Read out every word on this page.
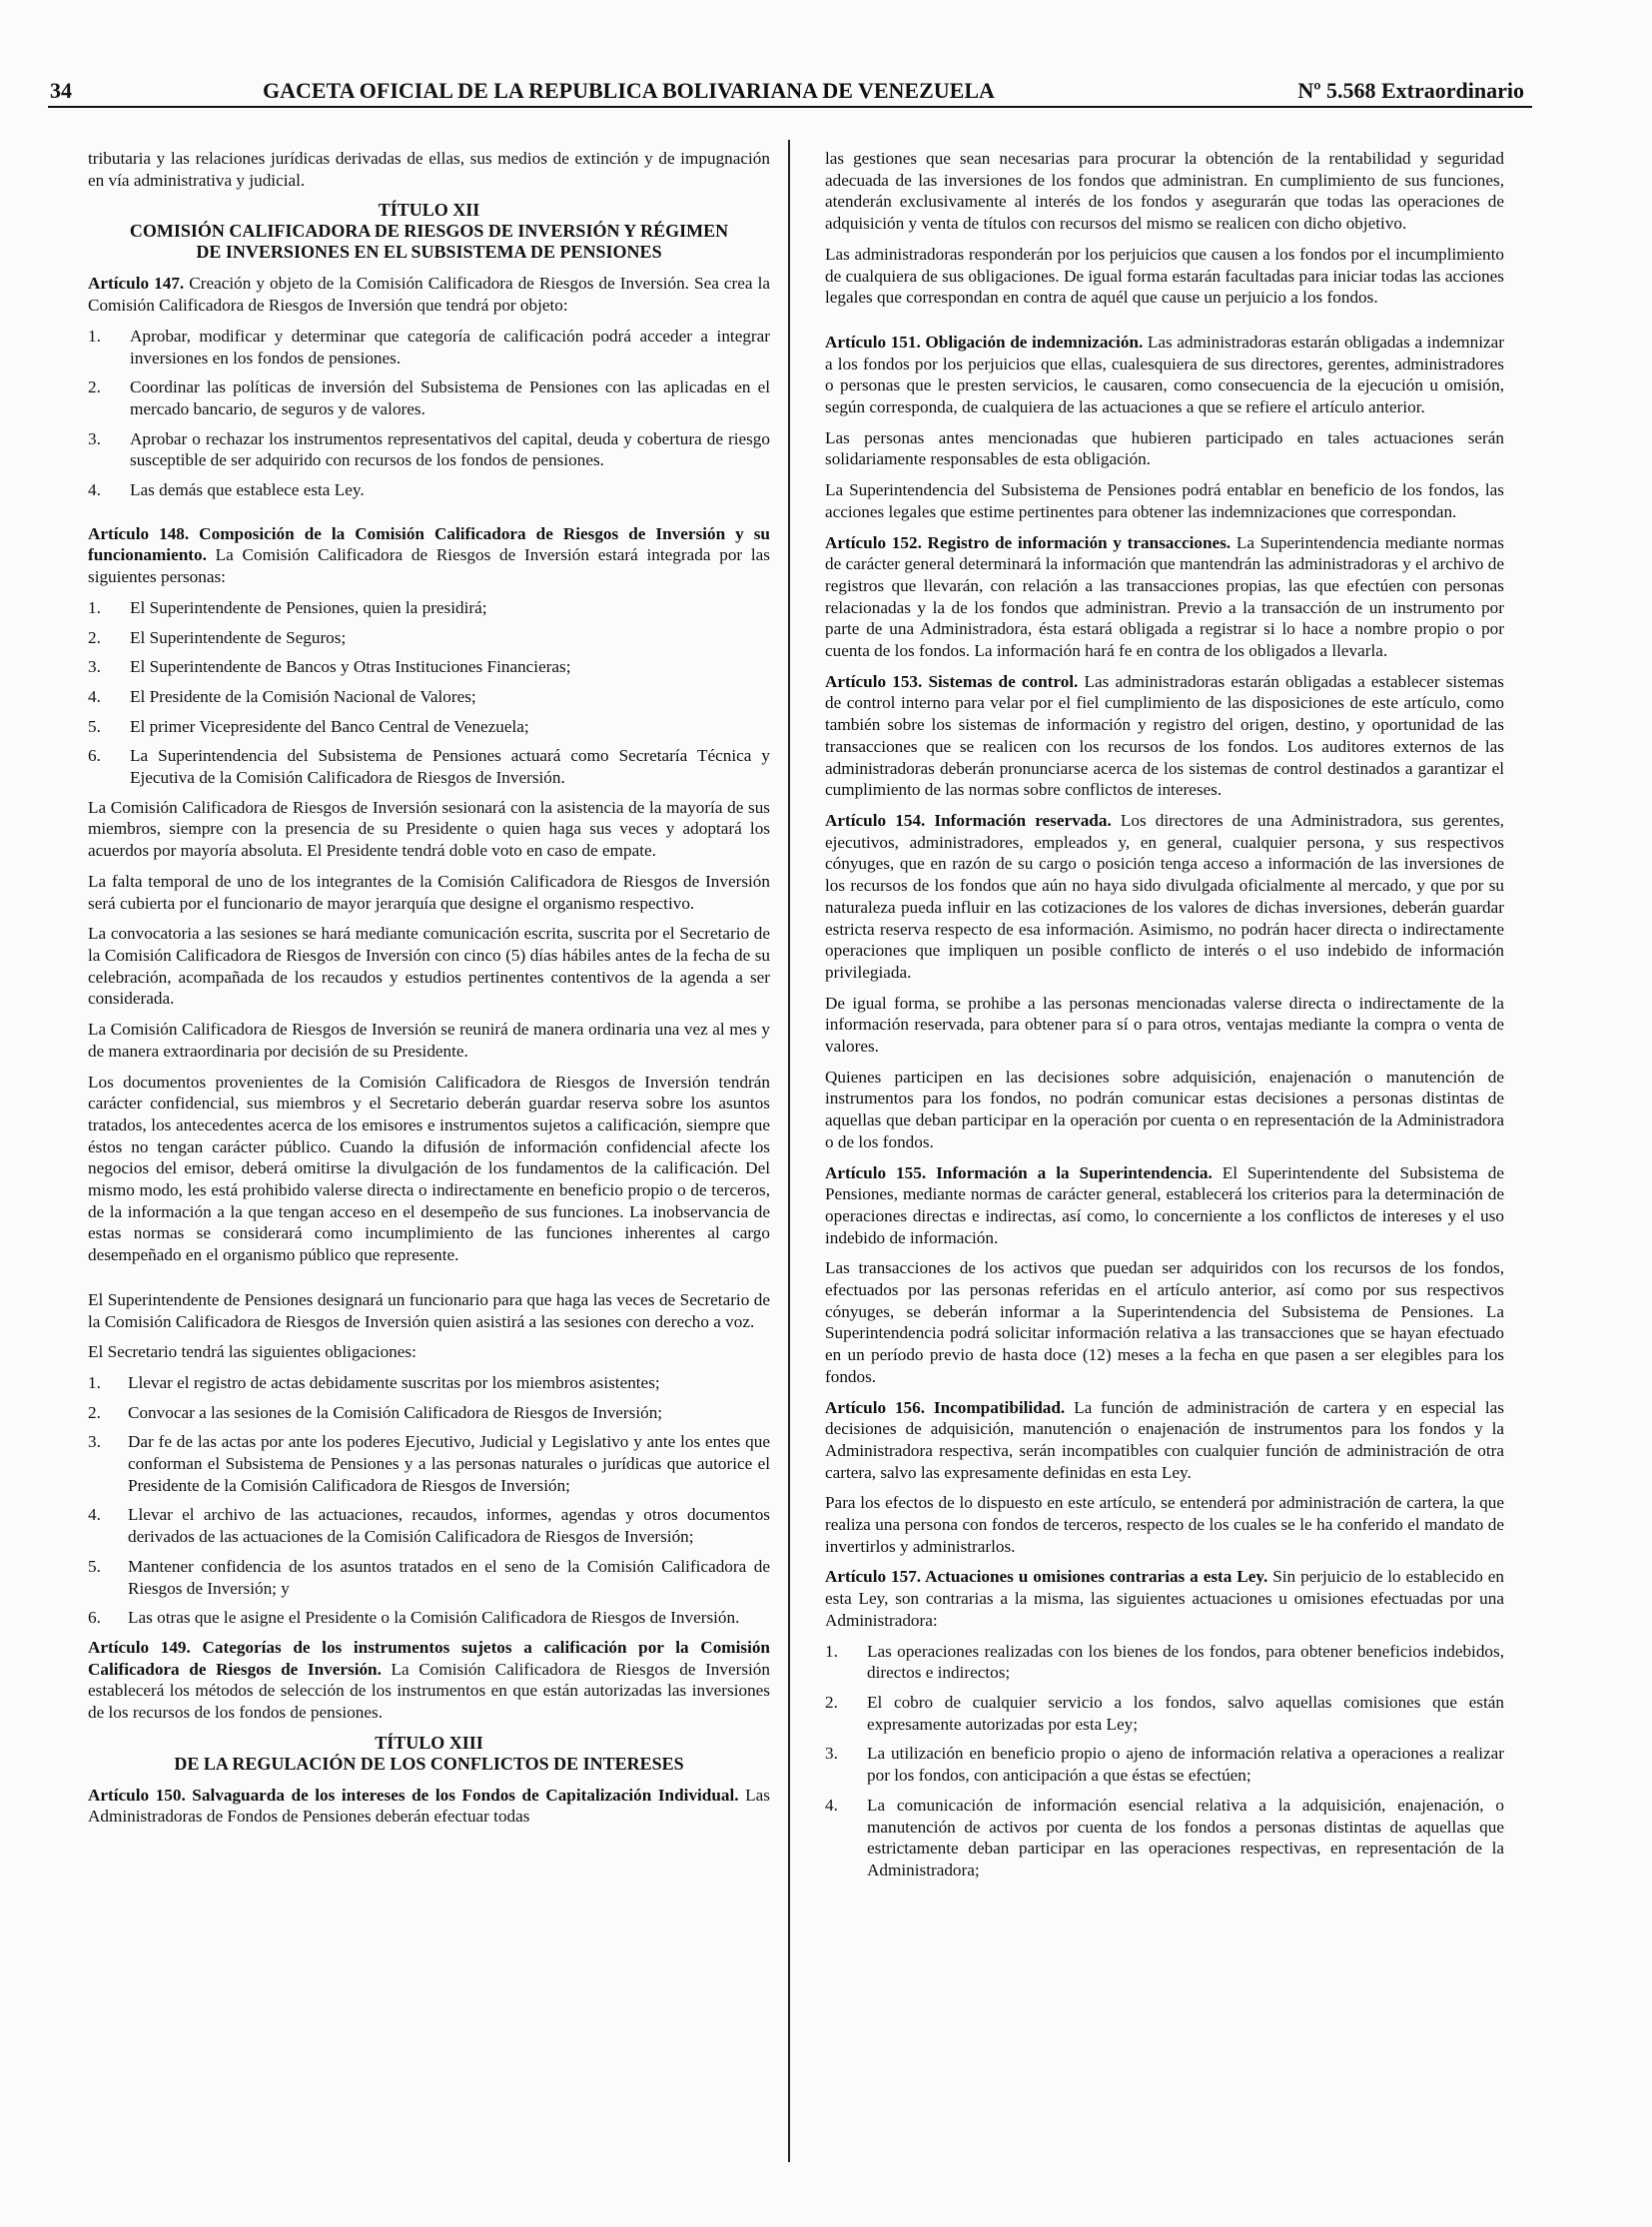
34	GACETA OFICIAL DE LA REPUBLICA BOLIVARIANA DE VENEZUELA	Nº 5.568 Extraordinario

tributaria y las relaciones jurídicas derivadas de ellas, sus medios de extinción y de impugnación en vía administrativa y judicial.

TÍTULO XII
COMISIÓN CALIFICADORA DE RIESGOS DE INVERSIÓN Y RÉGIMEN
DE INVERSIONES EN EL SUBSISTEMA DE PENSIONES

Artículo 147. Creación y objeto de la Comisión Calificadora de Riesgos de Inversión. Sea crea la Comisión Calificadora de Riesgos de Inversión que tendrá por objeto:

1. Aprobar, modificar y determinar que categoría de calificación podrá acceder a integrar inversiones en los fondos de pensiones.
2. Coordinar las políticas de inversión del Subsistema de Pensiones con las aplicadas en el mercado bancario, de seguros y de valores.
3. Aprobar o rechazar los instrumentos representativos del capital, deuda y cobertura de riesgo susceptible de ser adquirido con recursos de los fondos de pensiones.
4. Las demás que establece esta Ley.

Artículo 148. Composición de la Comisión Calificadora de Riesgos de Inversión y su funcionamiento. La Comisión Calificadora de Riesgos de Inversión estará integrada por las siguientes personas:

1. El Superintendente de Pensiones, quien la presidirá;
2. El Superintendente de Seguros;
3. El Superintendente de Bancos y Otras Instituciones Financieras;
4. El Presidente de la Comisión Nacional de Valores;
5. El primer Vicepresidente del Banco Central de Venezuela;
6. La Superintendencia del Subsistema de Pensiones actuará como Secretaría Técnica y Ejecutiva de la Comisión Calificadora de Riesgos de Inversión.

La Comisión Calificadora de Riesgos de Inversión sesionará con la asistencia de la mayoría de sus miembros, siempre con la presencia de su Presidente o quien haga sus veces y adoptará los acuerdos por mayoría absoluta. El Presidente tendrá doble voto en caso de empate.

La falta temporal de uno de los integrantes de la Comisión Calificadora de Riesgos de Inversión será cubierta por el funcionario de mayor jerarquía que designe el organismo respectivo.

La convocatoria a las sesiones se hará mediante comunicación escrita, suscrita por el Secretario de la Comisión Calificadora de Riesgos de Inversión con cinco (5) días hábiles antes de la fecha de su celebración, acompañada de los recaudos y estudios pertinentes contentivos de la agenda a ser considerada.

La Comisión Calificadora de Riesgos de Inversión se reunirá de manera ordinaria una vez al mes y de manera extraordinaria por decisión de su Presidente.

Los documentos provenientes de la Comisión Calificadora de Riesgos de Inversión tendrán carácter confidencial, sus miembros y el Secretario deberán guardar reserva sobre los asuntos tratados, los antecedentes acerca de los emisores e instrumentos sujetos a calificación, siempre que éstos no tengan carácter público. Cuando la difusión de información confidencial afecte los negocios del emisor, deberá omitirse la divulgación de los fundamentos de la calificación. Del mismo modo, les está prohibido valerse directa o indirectamente en beneficio propio o de terceros, de la información a la que tengan acceso en el desempeño de sus funciones. La inobservancia de estas normas se considerará como incumplimiento de las funciones inherentes al cargo desempeñado en el organismo público que represente.

El Superintendente de Pensiones designará un funcionario para que haga las veces de Secretario de la Comisión Calificadora de Riesgos de Inversión quien asistirá a las sesiones con derecho a voz.

El Secretario tendrá las siguientes obligaciones:

1. Llevar el registro de actas debidamente suscritas por los miembros asistentes;
2. Convocar a las sesiones de la Comisión Calificadora de Riesgos de Inversión;
3. Dar fe de las actas por ante los poderes Ejecutivo, Judicial y Legislativo y ante los entes que conforman el Subsistema de Pensiones y a las personas naturales o jurídicas que autorice el Presidente de la Comisión Calificadora de Riesgos de Inversión;
4. Llevar el archivo de las actuaciones, recaudos, informes, agendas y otros documentos derivados de las actuaciones de la Comisión Calificadora de Riesgos de Inversión;
5. Mantener confidencia de los asuntos tratados en el seno de la Comisión Calificadora de Riesgos de Inversión; y
6. Las otras que le asigne el Presidente o la Comisión Calificadora de Riesgos de Inversión.

Artículo 149. Categorías de los instrumentos sujetos a calificación por la Comisión Calificadora de Riesgos de Inversión. La Comisión Calificadora de Riesgos de Inversión establecerá los métodos de selección de los instrumentos en que están autorizadas las inversiones de los recursos de los fondos de pensiones.

TÍTULO XIII
DE LA REGULACIÓN DE LOS CONFLICTOS DE INTERESES

Artículo 150. Salvaguarda de los intereses de los Fondos de Capitalización Individual. Las Administradoras de Fondos de Pensiones deberán efectuar todas

las gestiones que sean necesarias para procurar la obtención de la rentabilidad y seguridad adecuada de las inversiones de los fondos que administran. En cumplimiento de sus funciones, atenderán exclusivamente al interés de los fondos y asegurarán que todas las operaciones de adquisición y venta de títulos con recursos del mismo se realicen con dicho objetivo.

Las administradoras responderán por los perjuicios que causen a los fondos por el incumplimiento de cualquiera de sus obligaciones. De igual forma estarán facultadas para iniciar todas las acciones legales que correspondan en contra de aquél que cause un perjuicio a los fondos.

Artículo 151. Obligación de indemnización. Las administradoras estarán obligadas a indemnizar a los fondos por los perjuicios que ellas, cualesquiera de sus directores, gerentes, administradores o personas que le presten servicios, le causaren, como consecuencia de la ejecución u omisión, según corresponda, de cualquiera de las actuaciones a que se refiere el artículo anterior.

Las personas antes mencionadas que hubieren participado en tales actuaciones serán solidariamente responsables de esta obligación.

La Superintendencia del Subsistema de Pensiones podrá entablar en beneficio de los fondos, las acciones legales que estime pertinentes para obtener las indemnizaciones que correspondan.

Artículo 152. Registro de información y transacciones. La Superintendencia mediante normas de carácter general determinará la información que mantendrán las administradoras y el archivo de registros que llevarán, con relación a las transacciones propias, las que efectúen con personas relacionadas y la de los fondos que administran. Previo a la transacción de un instrumento por parte de una Administradora, ésta estará obligada a registrar si lo hace a nombre propio o por cuenta de los fondos. La información hará fe en contra de los obligados a llevarla.

Artículo 153. Sistemas de control. Las administradoras estarán obligadas a establecer sistemas de control interno para velar por el fiel cumplimiento de las disposiciones de este artículo, como también sobre los sistemas de información y registro del origen, destino, y oportunidad de las transacciones que se realicen con los recursos de los fondos. Los auditores externos de las administradoras deberán pronunciarse acerca de los sistemas de control destinados a garantizar el cumplimiento de las normas sobre conflictos de intereses.

Artículo 154. Información reservada. Los directores de una Administradora, sus gerentes, ejecutivos, administradores, empleados y, en general, cualquier persona, y sus respectivos cónyuges, que en razón de su cargo o posición tenga acceso a información de las inversiones de los recursos de los fondos que aún no haya sido divulgada oficialmente al mercado, y que por su naturaleza pueda influir en las cotizaciones de los valores de dichas inversiones, deberán guardar estricta reserva respecto de esa información. Asimismo, no podrán hacer directa o indirectamente operaciones que impliquen un posible conflicto de interés o el uso indebido de información privilegiada.

De igual forma, se prohibe a las personas mencionadas valerse directa o indirectamente de la información reservada, para obtener para sí o para otros, ventajas mediante la compra o venta de valores.

Quienes participen en las decisiones sobre adquisición, enajenación o manutención de instrumentos para los fondos, no podrán comunicar estas decisiones a personas distintas de aquellas que deban participar en la operación por cuenta o en representación de la Administradora o de los fondos.

Artículo 155. Información a la Superintendencia. El Superintendente del Subsistema de Pensiones, mediante normas de carácter general, establecerá los criterios para la determinación de operaciones directas e indirectas, así como, lo concerniente a los conflictos de intereses y el uso indebido de información.

Las transacciones de los activos que puedan ser adquiridos con los recursos de los fondos, efectuados por las personas referidas en el artículo anterior, así como por sus respectivos cónyuges, se deberán informar a la Superintendencia del Subsistema de Pensiones. La Superintendencia podrá solicitar información relativa a las transacciones que se hayan efectuado en un período previo de hasta doce (12) meses a la fecha en que pasen a ser elegibles para los fondos.

Artículo 156. Incompatibilidad. La función de administración de cartera y en especial las decisiones de adquisición, manutención o enajenación de instrumentos para los fondos y la Administradora respectiva, serán incompatibles con cualquier función de administración de otra cartera, salvo las expresamente definidas en esta Ley.

Para los efectos de lo dispuesto en este artículo, se entenderá por administración de cartera, la que realiza una persona con fondos de terceros, respecto de los cuales se le ha conferido el mandato de invertirlos y administrarlos.

Artículo 157. Actuaciones u omisiones contrarias a esta Ley. Sin perjuicio de lo establecido en esta Ley, son contrarias a la misma, las siguientes actuaciones u omisiones efectuadas por una Administradora:

1. Las operaciones realizadas con los bienes de los fondos, para obtener beneficios indebidos, directos e indirectos;
2. El cobro de cualquier servicio a los fondos, salvo aquellas comisiones que están expresamente autorizadas por esta Ley;
3. La utilización en beneficio propio o ajeno de información relativa a operaciones a realizar por los fondos, con anticipación a que éstas se efectúen;
4. La comunicación de información esencial relativa a la adquisición, enajenación, o manutención de activos por cuenta de los fondos a personas distintas de aquellas que estrictamente deban participar en las operaciones respectivas, en representación de la Administradora;
